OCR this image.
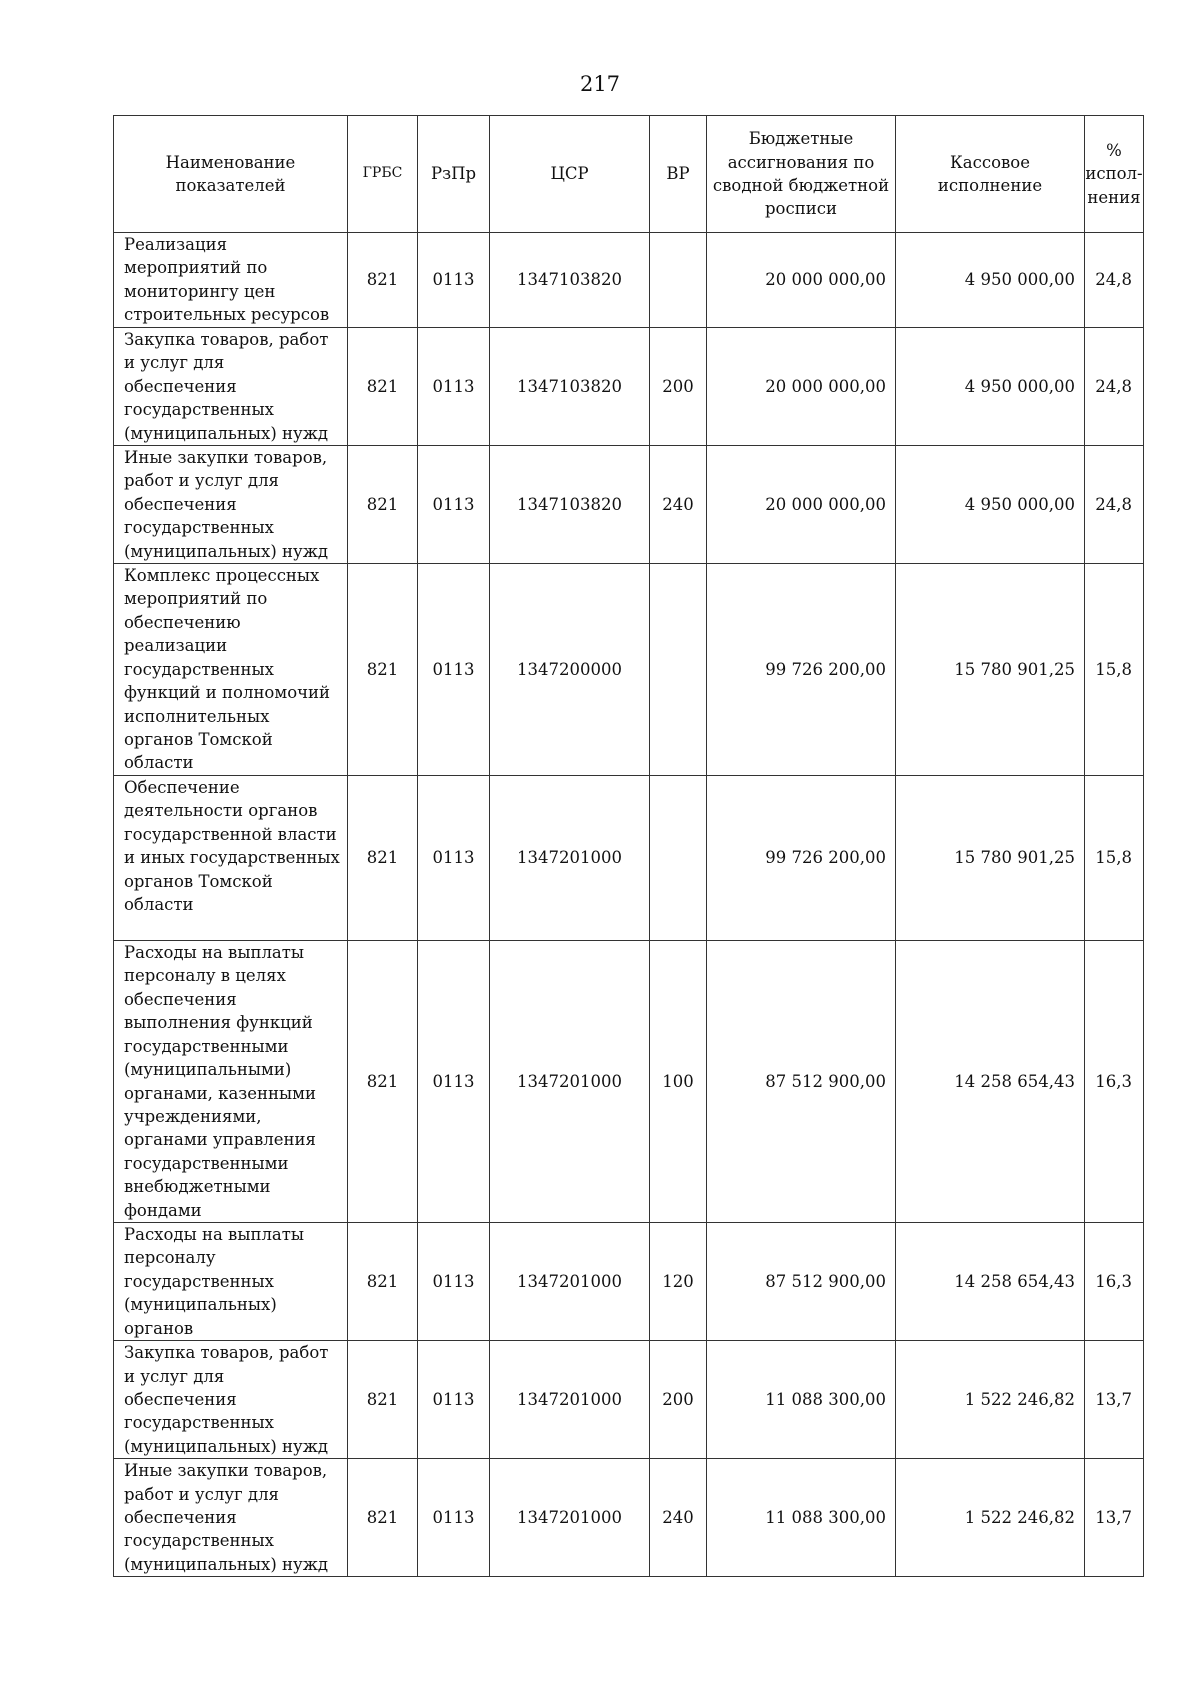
217
Наименование показателей	ГРБС	РзПр	ЦСР	ВР	Бюджетные ассигнования по сводной бюджетной росписи	Кассовое исполнение	% испол-нения
Реализация мероприятий по мониторингу цен строительных ресурсов	821	0113	1347103820		20 000 000,00	4 950 000,00	24,8
Закупка товаров, работ и услуг для обеспечения государственных (муниципальных) нужд	821	0113	1347103820	200	20 000 000,00	4 950 000,00	24,8
Иные закупки товаров, работ и услуг для обеспечения государственных (муниципальных) нужд	821	0113	1347103820	240	20 000 000,00	4 950 000,00	24,8
Комплекс процессных мероприятий по обеспечению реализации государственных функций и полномочий исполнительных органов Томской области	821	0113	1347200000		99 726 200,00	15 780 901,25	15,8
Обеспечение деятельности органов государственной власти и иных государственных органов Томской области	821	0113	1347201000		99 726 200,00	15 780 901,25	15,8
Расходы на выплаты персоналу в целях обеспечения выполнения функций государственными (муниципальными) органами, казенными учреждениями, органами управления государственными внебюджетными фондами	821	0113	1347201000	100	87 512 900,00	14 258 654,43	16,3
Расходы на выплаты персоналу государственных (муниципальных) органов	821	0113	1347201000	120	87 512 900,00	14 258 654,43	16,3
Закупка товаров, работ и услуг для обеспечения государственных (муниципальных) нужд	821	0113	1347201000	200	11 088 300,00	1 522 246,82	13,7
Иные закупки товаров, работ и услуг для обеспечения государственных (муниципальных) нужд	821	0113	1347201000	240	11 088 300,00	1 522 246,82	13,7
